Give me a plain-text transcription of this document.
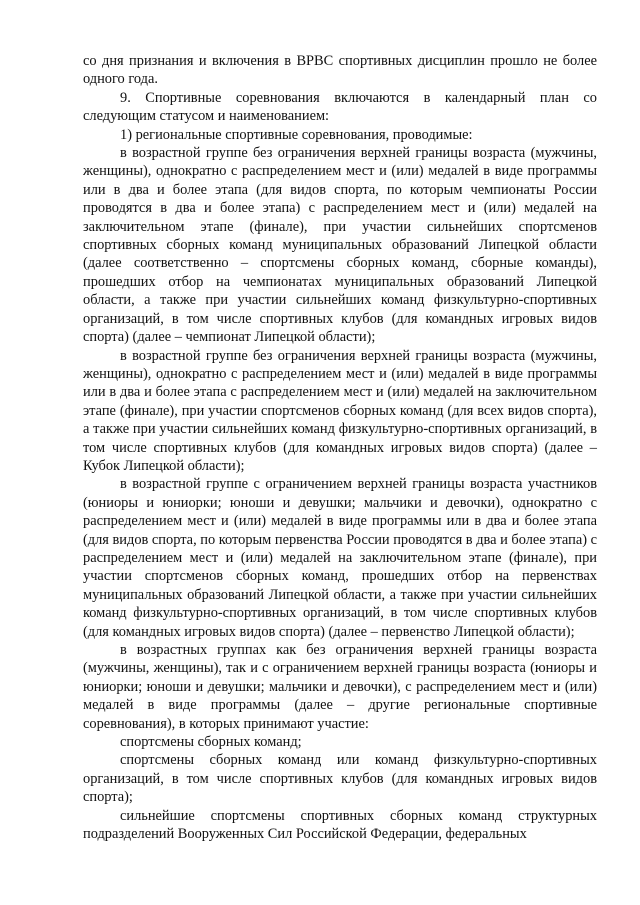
со дня признания и включения в ВРВС спортивных дисциплин прошло не более одного года.

9. Спортивные соревнования включаются в календарный план со следующим статусом и наименованием:

1) региональные спортивные соревнования, проводимые:

в возрастной группе без ограничения верхней границы возраста (мужчины, женщины), однократно с распределением мест и (или) медалей в виде программы или в два и более этапа (для видов спорта, по которым чемпионаты России проводятся в два и более этапа) с распределением мест и (или) медалей на заключительном этапе (финале), при участии сильнейших спортсменов спортивных сборных команд муниципальных образований Липецкой области (далее соответственно – спортсмены сборных команд, сборные команды), прошедших отбор на чемпионатах муниципальных образований Липецкой области, а также при участии сильнейших команд физкультурно-спортивных организаций, в том числе спортивных клубов (для командных игровых видов спорта) (далее – чемпионат Липецкой области);

в возрастной группе без ограничения верхней границы возраста (мужчины, женщины), однократно с распределением мест и (или) медалей в виде программы или в два и более этапа с распределением мест и (или) медалей на заключительном этапе (финале), при участии спортсменов сборных команд (для всех видов спорта), а также при участии сильнейших команд физкультурно-спортивных организаций, в том числе спортивных клубов (для командных игровых видов спорта) (далее – Кубок Липецкой области);

в возрастной группе с ограничением верхней границы возраста участников (юниоры и юниорки; юноши и девушки; мальчики и девочки), однократно с распределением мест и (или) медалей в виде программы или в два и более этапа (для видов спорта, по которым первенства России проводятся в два и более этапа) с распределением мест и (или) медалей на заключительном этапе (финале), при участии спортсменов сборных команд, прошедших отбор на первенствах муниципальных образований Липецкой области, а также при участии сильнейших команд физкультурно-спортивных организаций, в том числе спортивных клубов (для командных игровых видов спорта) (далее – первенство Липецкой области);

в возрастных группах как без ограничения верхней границы возраста (мужчины, женщины), так и с ограничением верхней границы возраста (юниоры и юниорки; юноши и девушки; мальчики и девочки), с распределением мест и (или) медалей в виде программы (далее – другие региональные спортивные соревнования), в которых принимают участие:

спортсмены сборных команд;

спортсмены сборных команд или команд физкультурно-спортивных организаций, в том числе спортивных клубов (для командных игровых видов спорта);

сильнейшие спортсмены спортивных сборных команд структурных подразделений Вооруженных Сил Российской Федерации, федеральных
